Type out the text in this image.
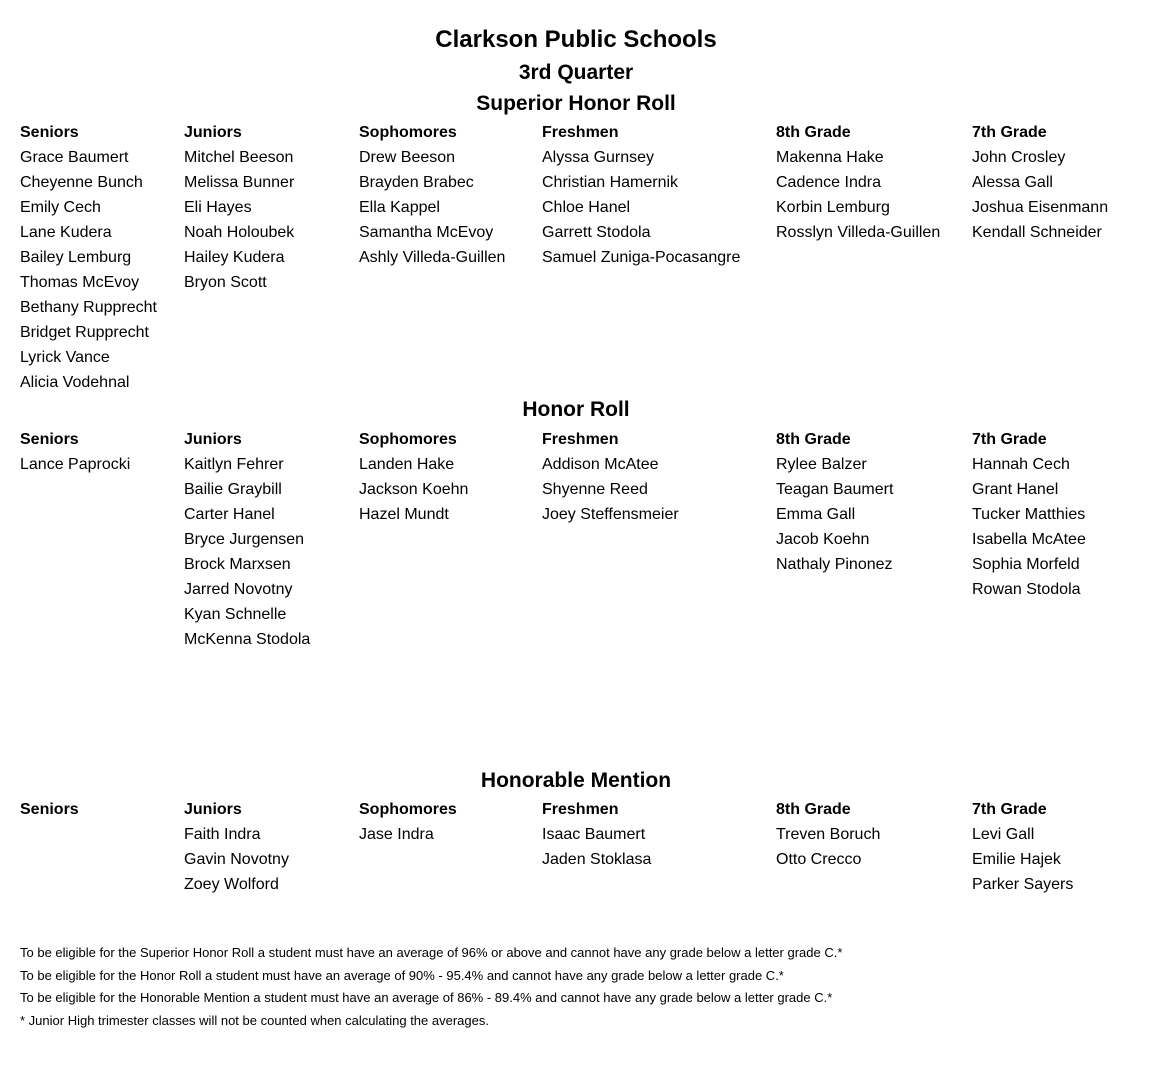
Clarkson Public Schools
3rd Quarter
Superior Honor Roll
Seniors
Grace Baumert
Cheyenne Bunch
Emily Cech
Lane Kudera
Bailey Lemburg
Thomas McEvoy
Bethany Rupprecht
Bridget Rupprecht
Lyrick Vance
Alicia Vodehnal
Juniors
Mitchel Beeson
Melissa Bunner
Eli Hayes
Noah Holoubek
Hailey Kudera
Bryon Scott
Sophomores
Drew Beeson
Brayden Brabec
Ella Kappel
Samantha McEvoy
Ashly Villeda-Guillen
Freshmen
Alyssa Gurnsey
Christian Hamernik
Chloe Hanel
Garrett Stodola
Samuel Zuniga-Pocasangre
8th Grade
Makenna Hake
Cadence Indra
Korbin Lemburg
Rosslyn Villeda-Guillen
7th Grade
John Crosley
Alessa Gall
Joshua Eisenmann
Kendall Schneider
Honor Roll
Seniors
Lance Paprocki
Juniors
Kaitlyn Fehrer
Bailie Graybill
Carter Hanel
Bryce Jurgensen
Brock Marxsen
Jarred Novotny
Kyan Schnelle
McKenna Stodola
Sophomores
Landen Hake
Jackson Koehn
Hazel Mundt
Freshmen
Addison McAtee
Shyenne Reed
Joey Steffensmeier
8th Grade
Rylee Balzer
Teagan Baumert
Emma Gall
Jacob Koehn
Nathaly Pinonez
7th Grade
Hannah Cech
Grant Hanel
Tucker Matthies
Isabella McAtee
Sophia Morfeld
Rowan Stodola
Honorable Mention
Seniors	Juniors
Faith Indra
Gavin Novotny
Zoey Wolford
Sophomores
Jase Indra
Freshmen
Isaac Baumert
Jaden Stoklasa
8th Grade
Treven Boruch
Otto Crecco
7th Grade
Levi Gall
Emilie Hajek
Parker Sayers
To be eligible for the Superior Honor Roll a student must have an average of 96% or above and cannot have any grade below a letter grade C.*
To be eligible for the Honor Roll a student must have an average of 90% - 95.4% and cannot have any grade below a letter grade C.*
To be eligible for the Honorable Mention a student must have an average of 86% - 89.4% and cannot have any grade below a letter grade C.*
* Junior High trimester classes will not be counted when calculating the averages.
